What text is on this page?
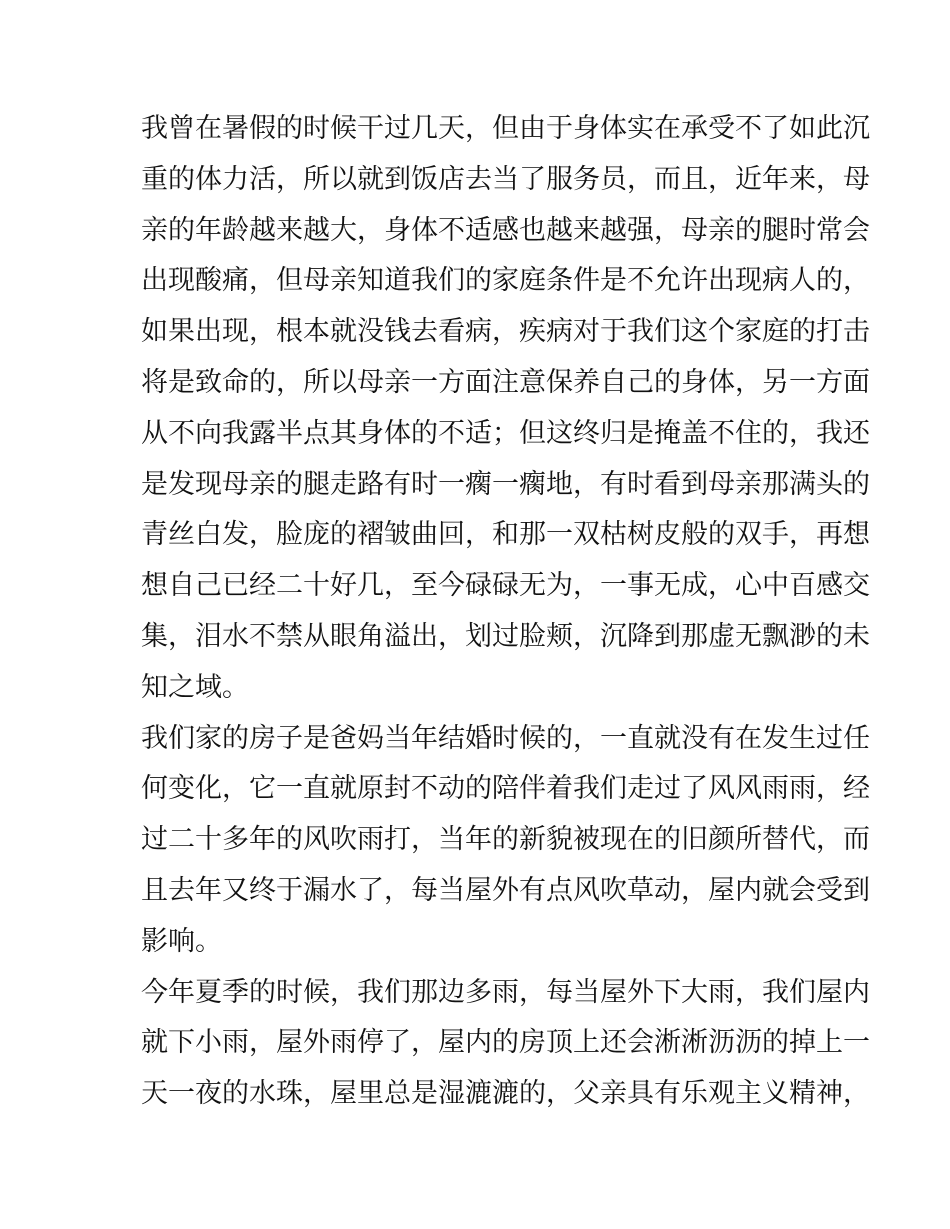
我曾在暑假的时候干过几天，但由于身体实在承受不了如此沉
重的体力活，所以就到饭店去当了服务员，而且，近年来，母
亲的年龄越来越大，身体不适感也越来越强，母亲的腿时常会
出现酸痛，但母亲知道我们的家庭条件是不允许出现病人的，
如果出现，根本就没钱去看病，疾病对于我们这个家庭的打击
将是致命的，所以母亲一方面注意保养自己的身体，另一方面
从不向我露半点其身体的不适；但这终归是掩盖不住的，我还
是发现母亲的腿走路有时一瘸一瘸地，有时看到母亲那满头的
青丝白发，脸庞的褶皱曲回，和那一双枯树皮般的双手，再想
想自己已经二十好几，至今碌碌无为，一事无成，心中百感交
集，泪水不禁从眼角溢出，划过脸颊，沉降到那虚无飘渺的未
知之域。
我们家的房子是爸妈当年结婚时候的，一直就没有在发生过任
何变化，它一直就原封不动的陪伴着我们走过了风风雨雨，经
过二十多年的风吹雨打，当年的新貌被现在的旧颜所替代，而
且去年又终于漏水了，每当屋外有点风吹草动，屋内就会受到
影响。
今年夏季的时候，我们那边多雨，每当屋外下大雨，我们屋内
就下小雨，屋外雨停了，屋内的房顶上还会淅淅沥沥的掉上一
天一夜的水珠，屋里总是湿漉漉的，父亲具有乐观主义精神，
